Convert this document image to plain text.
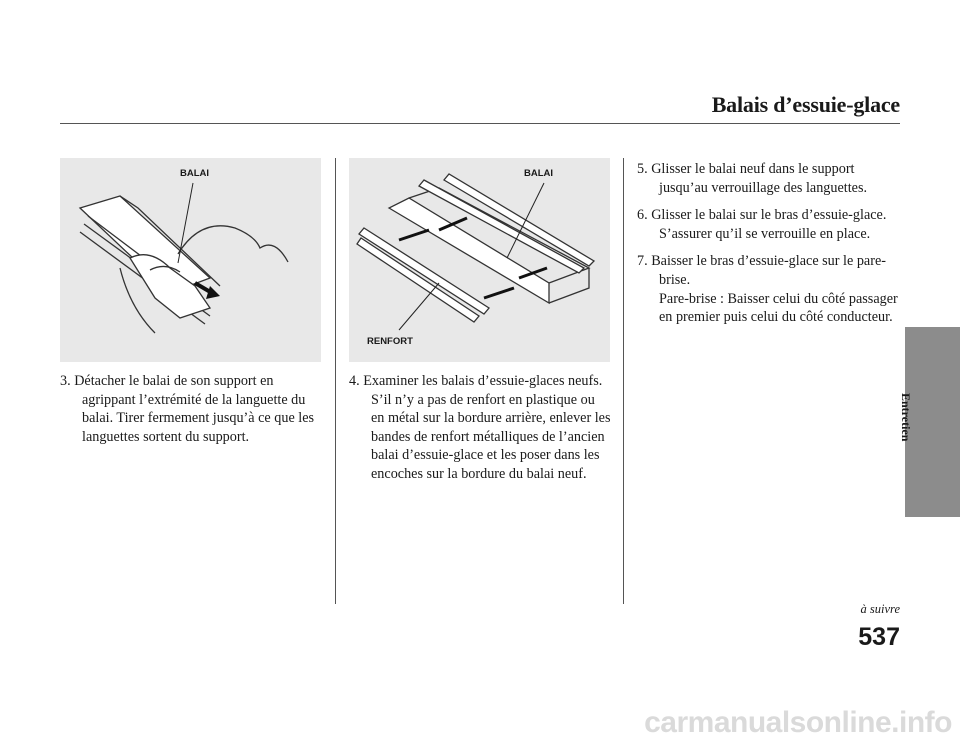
Balais d’essuie-glace
BALAI	BALAI
RENFORT

3. Détacher le balai de son support en agrippant l’extrémité de la languette du balai. Tirer fermement jusqu’à ce que les languettes sortent du support.

4. Examiner les balais d’essuie-glaces neufs. S’il n’y a pas de renfort en plastique ou en métal sur la bordure arrière, enlever les bandes de renfort métalliques de l’ancien balai d’essuie-glace et les poser dans les encoches sur la bordure du balai neuf.

5. Glisser le balai neuf dans le support jusqu’au verrouillage des languettes.

6. Glisser le balai sur le bras d’essuie-glace. S’assurer qu’il se verrouille en place.

7. Baisser le bras d’essuie-glace sur le pare-brise.

Pare-brise : Baisser celui du côté passager en premier puis celui du côté conducteur.

Entretien
à suivre
537
carmanualsonline.info
